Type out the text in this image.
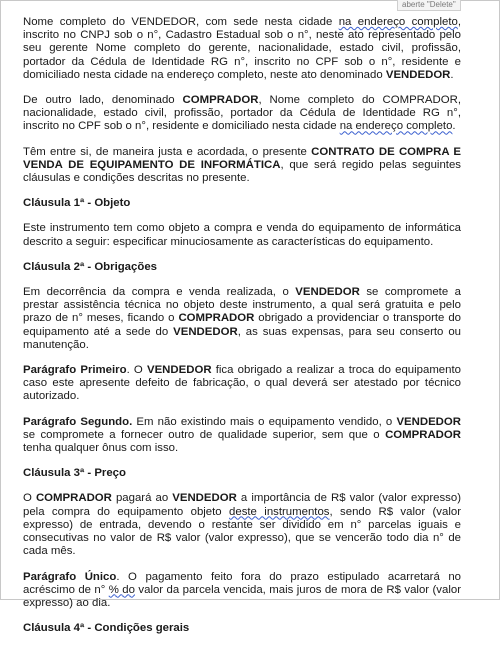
aberte "Delete"

Nome completo do VENDEDOR, com sede nesta cidade na endereço completo, inscrito no CNPJ sob o n°, Cadastro Estadual sob o n°, neste ato representado pelo seu gerente Nome completo do gerente, nacionalidade, estado civil, profissão, portador da Cédula de Identidade RG n°, inscrito no CPF sob o n°, residente e domiciliado nesta cidade na endereço completo, neste ato denominado VENDEDOR.

De outro lado, denominado COMPRADOR, Nome completo do COMPRADOR, nacionalidade, estado civil, profissão, portador da Cédula de Identidade RG n°, inscrito no CPF sob o n°, residente e domiciliado nesta cidade na endereço completo.

Têm entre si, de maneira justa e acordada, o presente CONTRATO DE COMPRA E VENDA DE EQUIPAMENTO DE INFORMÁTICA, que será regido pelas seguintes cláusulas e condições descritas no presente.

Cláusula 1ª - Objeto

Este instrumento tem como objeto a compra e venda do equipamento de informática descrito a seguir: especificar minuciosamente as características do equipamento.

Cláusula 2ª - Obrigações

Em decorrência da compra e venda realizada, o VENDEDOR se compromete a prestar assistência técnica no objeto deste instrumento, a qual será gratuita e pelo prazo de n° meses, ficando o COMPRADOR obrigado a providenciar o transporte do equipamento até a sede do VENDEDOR, as suas expensas, para seu conserto ou manutenção.

Parágrafo Primeiro. O VENDEDOR fica obrigado a realizar a troca do equipamento caso este apresente defeito de fabricação, o qual deverá ser atestado por técnico autorizado.

Parágrafo Segundo. Em não existindo mais o equipamento vendido, o VENDEDOR se compromete a fornecer outro de qualidade superior, sem que o COMPRADOR tenha qualquer ônus com isso.

Cláusula 3ª - Preço

O COMPRADOR pagará ao VENDEDOR a importância de R$ valor (valor expresso) pela compra do equipamento objeto deste instrumentos, sendo R$ valor (valor expresso) de entrada, devendo o restante ser dividido em n° parcelas iguais e consecutivas no valor de R$ valor (valor expresso), que se vencerão todo dia n° de cada mês.

Parágrafo Único. O pagamento feito fora do prazo estipulado acarretará no acréscimo de n° % do valor da parcela vencida, mais juros de mora de R$ valor (valor expresso) ao dia.

Cláusula 4ª - Condições gerais
